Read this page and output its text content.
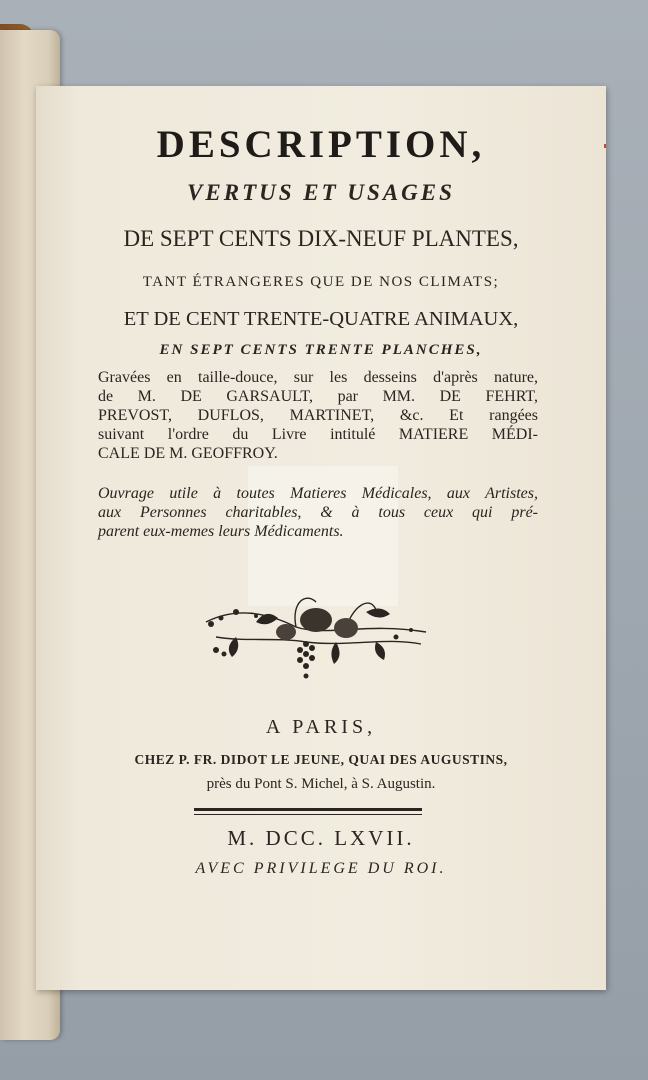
DESCRIPTION,
VERTUS ET USAGES
DE SEPT CENTS DIX-NEUF PLANTES,
TANT ÉTRANGERES QUE DE NOS CLIMATS;
ET DE CENT TRENTE-QUATRE ANIMAUX,
EN SEPT CENTS TRENTE PLANCHES,
Gravées en taille-douce, sur les desseins d'après nature,
de M. DE GARSAULT, par MM. DE FEHRT,
PREVOST, DUFLOS, MARTINET, &c. Et rangées
suivant l'ordre du Livre intitulé MATIERE MÉDI-
CALE DE M. GEOFFROY.
Ouvrage utile à toutes Matieres Médicales, aux Artistes,
aux Personnes charitables, & à tous ceux qui pré-
parent eux-memes leurs Médicaments.
A PARIS,
CHEZ P. FR. DIDOT LE JEUNE, QUAI DES AUGUSTINS,
près du Pont S. Michel, à S. Augustin.
M. DCC. LXVII.
AVEC PRIVILEGE DU ROI.
